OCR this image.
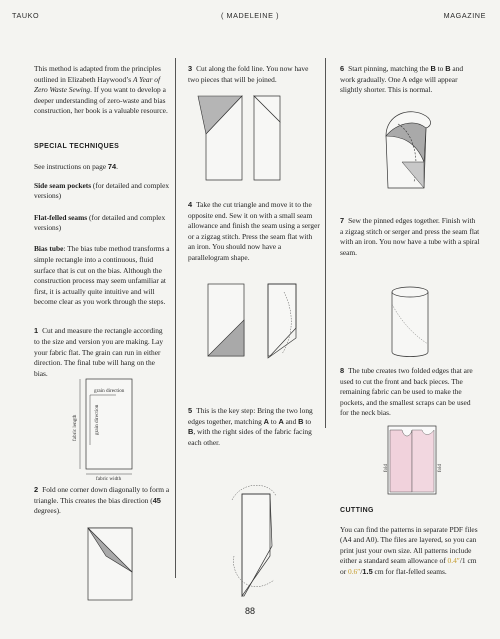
TAUKO	( MADELEINE )	MAGAZINE

This method is adapted from the principles outlined in Elizabeth Haywood’s A Year of
Zero Waste Sewing. If you want to develop a deeper understanding of zero-waste and bias construction, her book is a valuable resource.

SPECIAL TECHNIQUES

See instructions on page 74.

Side seam pockets (for detailed and complex versions)

Flat-felled seams (for detailed and complex versions)

Bias tube: The bias tube method transforms a simple rectangle into a continuous, fluid surface that is cut on the bias. Although the construction process may seem unfamiliar at first, it is actually quite intuitive and will become clear as you work through the steps.

1 Cut and measure the rectangle according to the size and version you are making. Lay your fabric flat. The grain can run in either direction. The final tube will hang on the bias.

grain direction
grain direction
fabric length
fabric width

2 Fold one corner down diagonally to form a triangle. This creates the bias direction (45 degrees).

3 Cut along the fold line. You now have two pieces that will be joined.

4 Take the cut triangle and move it to the opposite end. Sew it on with a small seam allowance and finish the seam using a serger or a zigzag stitch. Press the seam flat with an iron. You should now have a parallelogram shape.

5 This is the key step: Bring the two long edges together, matching A to A and B to B, with the right sides of the fabric facing each other.

6 Start pinning, matching the B to B and work gradually. One A edge will appear slightly shorter. This is normal.

7 Sew the pinned edges together. Finish with a zigzag stitch or serger and press the seam flat with an iron. You now have a tube with a spiral seam.

8 The tube creates two folded edges that are used to cut the front and back pieces. The remaining fabric can be used to make the pockets, and the smallest scraps can be used for the neck bias.

fold	fold
CUTTING

You can find the patterns in separate PDF files (A4 and A0). The files are layered, so you can print just your own size. All patterns include either a standard seam allowance of 0.4″/1 cm or 0.6″/1.5 cm for flat-felled seams.

88
